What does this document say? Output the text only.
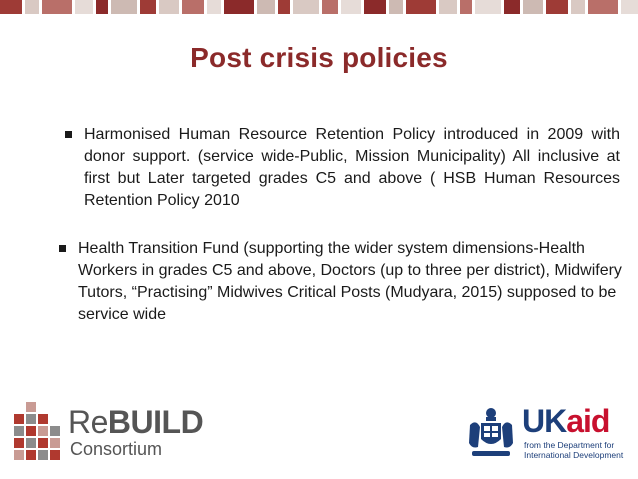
Post crisis policies
Harmonised Human Resource Retention Policy introduced in 2009 with donor support. (service wide-Public, Mission Municipality) All inclusive at first but Later targeted grades C5 and above ( HSB Human Resources Retention Policy 2010
Health Transition Fund (supporting the wider system dimensions-Health Workers in grades C5 and above, Doctors (up to three per district), Midwifery Tutors, “Practising” Midwives Critical Posts (Mudyara, 2015) supposed to be service wide
ReBUILD
Consortium
UKaid
from the Department for International Development
